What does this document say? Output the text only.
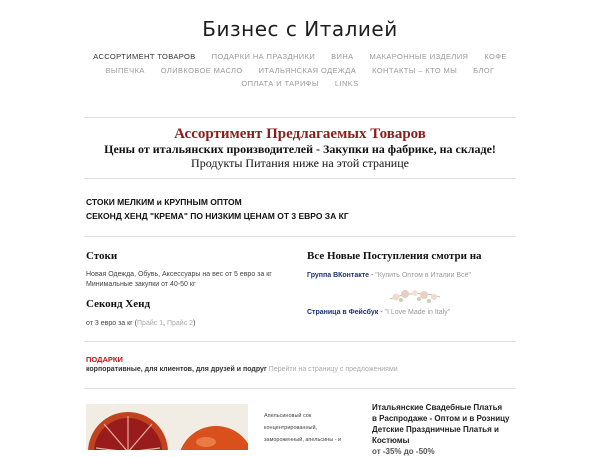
Бизнес с Италией
АССОРТИМЕНТ ТОВАРОВ ПОДАРКИ НА ПРАЗДНИКИ ВИНА МАКАРОННЫЕ ИЗДЕЛИЯ КОФЕ
ВЫПЕЧКА ОЛИВКОВОЕ МАСЛО ИТАЛЬЯНСКАЯ ОДЕЖДА КОНТАКТЫ – КТО МЫ БЛОГ
ОПЛАТА И ТАРИФЫ LINKS
Ассортимент Предлагаемых Товаров
Цены от итальянских производителей - Закупки на фабрике, на складе!
Продукты Питания ниже на этой странице
СТОКИ МЕЛКИМ и КРУПНЫМ ОПТОМ
СЕКОНД ХЕНД "КРЕМА" ПО НИЗКИМ ЦЕНАМ ОТ 3 ЕВРО ЗА КГ
Стоки
Новая Одежда, Обувь, Аксессуары на вес от 5 евро за кг
Минимальные закупки от 40-50 кг
Секонд Хенд
от 3 евро за кг (Прайс 1, Прайс 2)
Все Новые Поступления смотри на
Группа ВКонтакте - "Купить Оптом в Италии Всё"
Страница в Фейсбук - "I Love Made in Italy"
ПОДАРКИ
корпоративные, для клиентов, для друзей и подруг Перейти на страницу с предложениями
Апельсиновый сок
концентрированный,
замороженный, апельсины - и
Итальянские Свадебные Платья
в Распродаже - Оптом и в Розницу
Детские Праздничные Платья и
Костюмы
от -35% до -50%
